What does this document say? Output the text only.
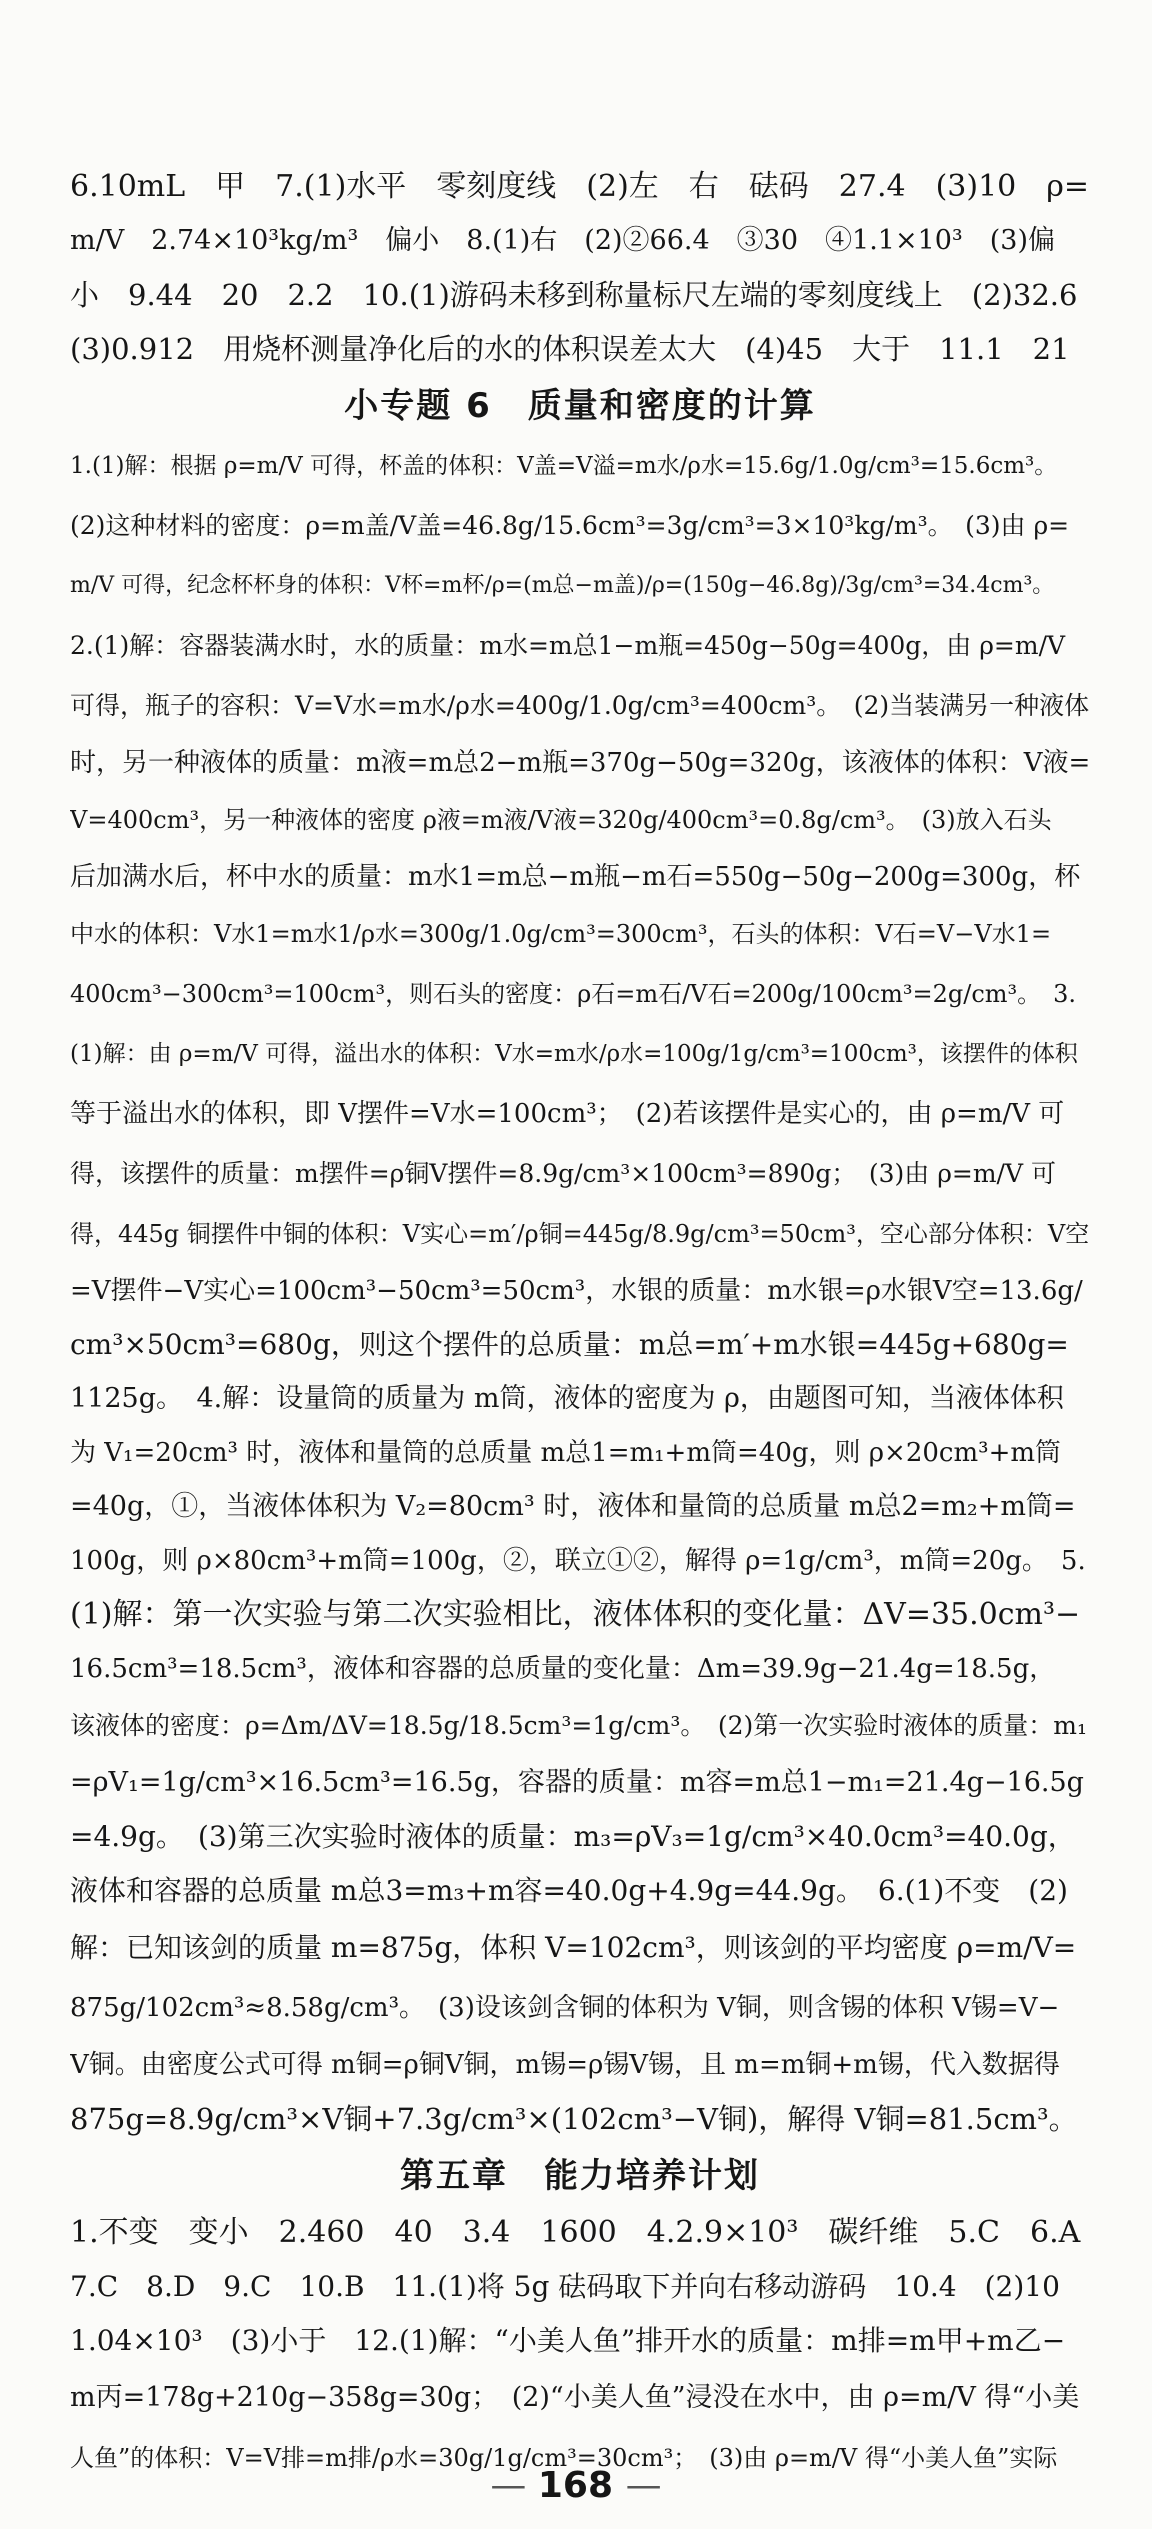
6.10mL　甲　7.(1)水平　零刻度线　(2)左　右　砝码　27.4　(3)10　ρ=
m/V　2.74×10³kg/m³　偏小　8.(1)右　(2)②66.4　③30　④1.1×10³　(3)偏
小　9.44　20　2.2　10.(1)游码未移到称量标尺左端的零刻度线上　(2)32.6
(3)0.912　用烧杯测量净化后的水的体积误差太大　(4)45　大于　11.1　21
小专题 6　质量和密度的计算
1.(1)解：根据 ρ=m/V 可得，杯盖的体积：V盖=V溢=m水/ρ水=15.6g/1.0g/cm³=15.6cm³。
(2)这种材料的密度：ρ=m盖/V盖=46.8g/15.6cm³=3g/cm³=3×10³kg/m³。　(3)由 ρ=
m/V 可得，纪念杯杯身的体积：V杯=m杯/ρ=(m总−m盖)/ρ=(150g−46.8g)/3g/cm³=34.4cm³。
2.(1)解：容器装满水时，水的质量：m水=m总1−m瓶=450g−50g=400g，由 ρ=m/V
可得，瓶子的容积：V=V水=m水/ρ水=400g/1.0g/cm³=400cm³。　(2)当装满另一种液体
时，另一种液体的质量：m液=m总2−m瓶=370g−50g=320g，该液体的体积：V液=
V=400cm³，另一种液体的密度 ρ液=m液/V液=320g/400cm³=0.8g/cm³。　(3)放入石头
后加满水后，杯中水的质量：m水1=m总−m瓶−m石=550g−50g−200g=300g，杯
中水的体积：V水1=m水1/ρ水=300g/1.0g/cm³=300cm³，石头的体积：V石=V−V水1=
400cm³−300cm³=100cm³，则石头的密度：ρ石=m石/V石=200g/100cm³=2g/cm³。　3.
(1)解：由 ρ=m/V 可得，溢出水的体积：V水=m水/ρ水=100g/1g/cm³=100cm³，该摆件的体积
等于溢出水的体积，即 V摆件=V水=100cm³；　(2)若该摆件是实心的，由 ρ=m/V 可
得，该摆件的质量：m摆件=ρ铜V摆件=8.9g/cm³×100cm³=890g；　(3)由 ρ=m/V 可
得，445g 铜摆件中铜的体积：V实心=m′/ρ铜=445g/8.9g/cm³=50cm³，空心部分体积：V空
=V摆件−V实心=100cm³−50cm³=50cm³，水银的质量：m水银=ρ水银V空=13.6g/
cm³×50cm³=680g，则这个摆件的总质量：m总=m′+m水银=445g+680g=
1125g。　4.解：设量筒的质量为 m筒，液体的密度为 ρ，由题图可知，当液体体积
为 V₁=20cm³ 时，液体和量筒的总质量 m总1=m₁+m筒=40g，则 ρ×20cm³+m筒
=40g，①，当液体体积为 V₂=80cm³ 时，液体和量筒的总质量 m总2=m₂+m筒=
100g，则 ρ×80cm³+m筒=100g，②，联立①②，解得 ρ=1g/cm³，m筒=20g。　5.
(1)解：第一次实验与第二次实验相比，液体体积的变化量：ΔV=35.0cm³−
16.5cm³=18.5cm³，液体和容器的总质量的变化量：Δm=39.9g−21.4g=18.5g，
该液体的密度：ρ=Δm/ΔV=18.5g/18.5cm³=1g/cm³。　(2)第一次实验时液体的质量：m₁
=ρV₁=1g/cm³×16.5cm³=16.5g，容器的质量：m容=m总1−m₁=21.4g−16.5g
=4.9g。　(3)第三次实验时液体的质量：m₃=ρV₃=1g/cm³×40.0cm³=40.0g，
液体和容器的总质量 m总3=m₃+m容=40.0g+4.9g=44.9g。　6.(1)不变　(2)
解：已知该剑的质量 m=875g，体积 V=102cm³，则该剑的平均密度 ρ=m/V=
875g/102cm³≈8.58g/cm³。　(3)设该剑含铜的体积为 V铜，则含锡的体积 V锡=V−
V铜。由密度公式可得 m铜=ρ铜V铜，m锡=ρ锡V锡，且 m=m铜+m锡，代入数据得
875g=8.9g/cm³×V铜+7.3g/cm³×(102cm³−V铜)，解得 V铜=81.5cm³。
第五章　能力培养计划
1.不变　变小　2.460　40　3.4　1600　4.2.9×10³　碳纤维　5.C　6.A
7.C　8.D　9.C　10.B　11.(1)将 5g 砝码取下并向右移动游码　10.4　(2)10
1.04×10³　(3)小于　12.(1)解：“小美人鱼”排开水的质量：m排=m甲+m乙−
m丙=178g+210g−358g=30g；　(2)“小美人鱼”浸没在水中，由 ρ=m/V 得“小美
人鱼”的体积：V=V排=m排/ρ水=30g/1g/cm³=30cm³；　(3)由 ρ=m/V 得“小美人鱼”实际
— 168 —
